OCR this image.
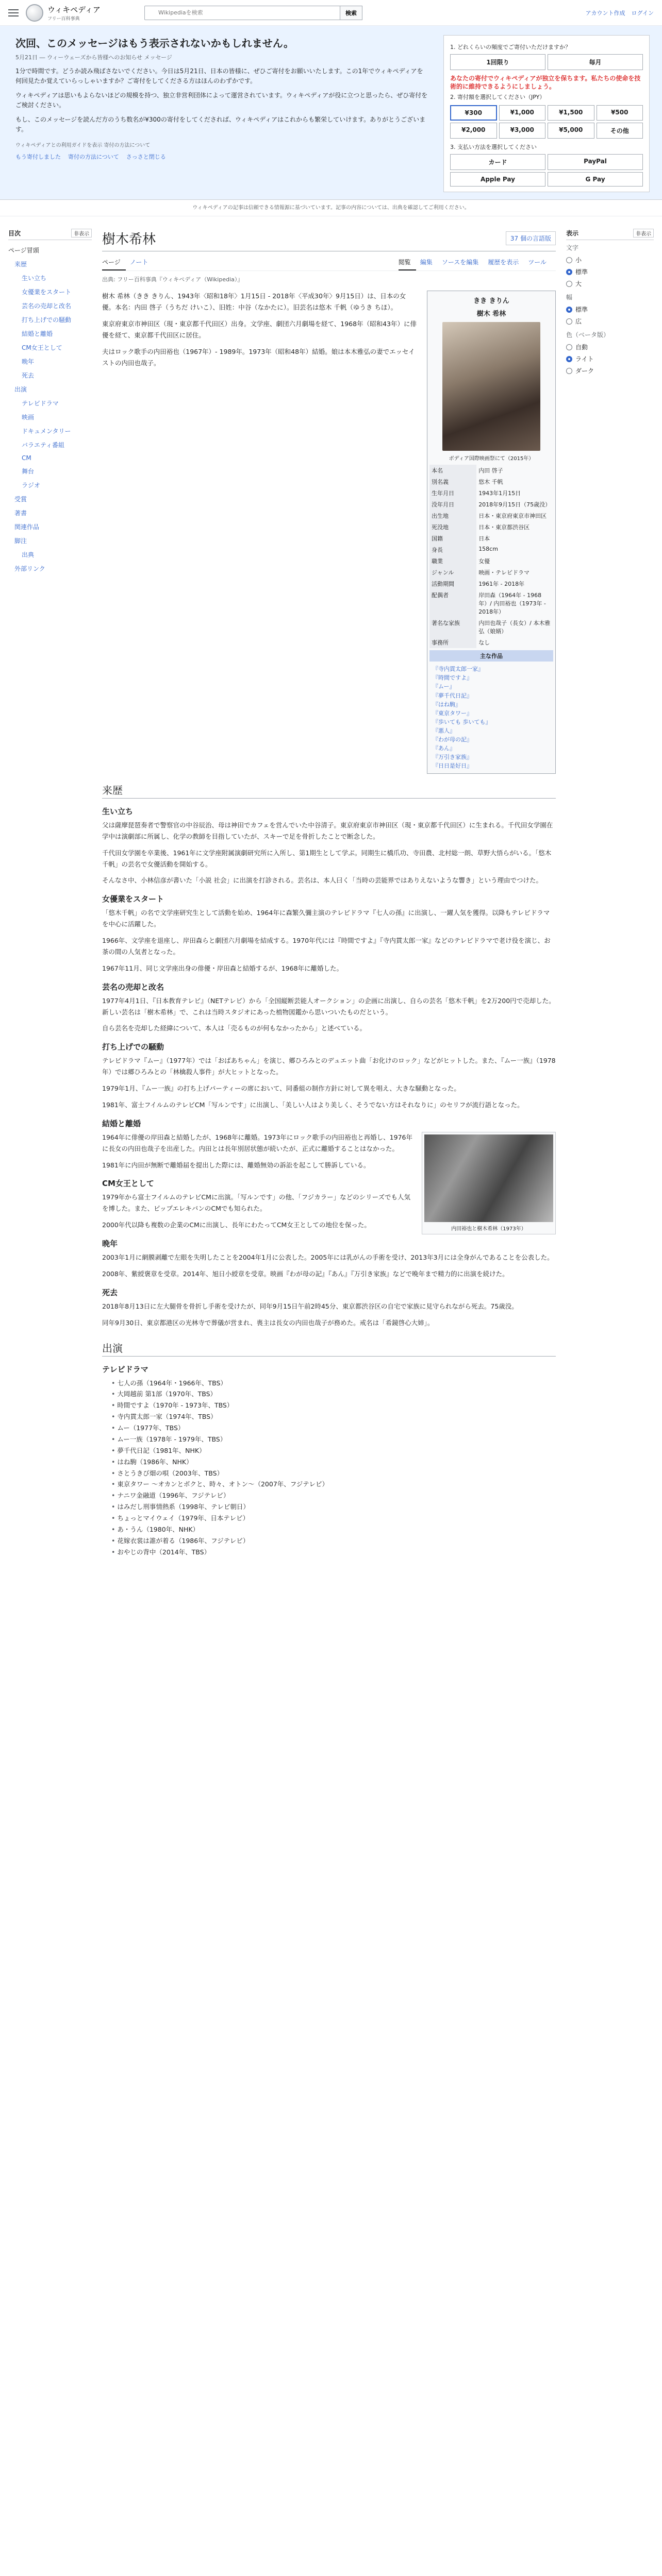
ウィキペディア
フリー百科事典
Wikipediaを検索
検索	アカウント作成 ログイン
次回、このメッセージはもう表示されないかもしれません。
5月21日 ― ウィーウェーズから皆様へのお知らせ メッセージ

1分で時間です。どうか読み飛ばさないでください。今日は5月21日、日本の皆様に、ぜひご寄付をお願いいたします。この1年でウィキペディアを何回見たか覚えていらっしゃいますか？ご寄付をしてくださる方はほんのわずかです。

ウィキペディアは思いもよらないほどの規模を持つ、独立非営利団体によって運営されています。ウィキペディアが役に立つと思ったら、ぜひ寄付をご検討ください。

もし、このメッセージを読んだ方のうち数名が¥300の寄付をしてくだされば、ウィキペディアはこれからも繁栄していけます。ありがとうございます。

ウィキペディアとの利用ガイドを表示 寄付の方法について
もう寄付しました 寄付の方法について さっさと閉じる
1. どれくらいの頻度でご寄付いただけますか？
1回限り	毎月
あなたの寄付でウィキペディアが独立を保ちます。私たちの使命を技術的に維持できるようにしましょう。
2. 寄付額を選択してください（JPY）
¥300	¥1,000	¥1,500	¥500
¥2,000	¥3,000	¥5,000	その他
3. 支払い方法を選択してください
カード	PayPal
Apple Pay	G Pay
ウィキペディアの記事は信頼できる情報源に基づいています。記事の内容については、出典を確認してご利用ください。
目次	非表示
ページ冒頭
来歴
生い立ち
女優業をスタート
芸名の売却と改名
打ち上げでの騒動
結婚と離婚
CM女王として
晩年
死去
出演
テレビドラマ
映画
ドキュメンタリー
バラエティ番組
CM
舞台
ラジオ
受賞
著書
関連作品
脚注
出典
外部リンク
樹木希林	37 個の言語版
ページ	ノート	閲覧	編集	ソースを編集	履歴を表示	ツール
出典: フリー百科事典『ウィキペディア（Wikipedia）』
きき きりん
樹木 希林
ボディア国際映画祭にて（2015年）
本名	内田 啓子
別名義	悠木 千帆
生年月日	1943年1月15日
没年月日	2018年9月15日（75歳没）
出生地	日本・東京府東京市神田区
死没地	日本・東京都渋谷区
国籍	日本
身長	158cm
職業	女優
ジャンル	映画・テレビドラマ
活動期間	1961年 - 2018年
配偶者	岸田森（1964年 - 1968年）/ 内田裕也（1973年 - 2018年）
著名な家族	内田也哉子（長女）/ 本木雅弘（娘婿）
事務所	なし
主な作品
『寺内貫太郎一家』
『時間ですよ』
『ムー』
『夢千代日記』
『はね駒』
『東京タワー』
『歩いても 歩いても』
『悪人』
『わが母の記』
『あん』
『万引き家族』
『日日是好日』

樹木 希林（きき きりん、1943年〈昭和18年〉1月15日 - 2018年〈平成30年〉9月15日）は、日本の女優。本名：内田 啓子（うちだ けいこ）、旧姓：中谷（なかたに）。旧芸名は悠木 千帆（ゆうき ちほ）。

東京府東京市神田区（現・東京都千代田区）出身。文学座、劇団六月劇場を経て、1968年（昭和43年）に俳優を経て、東京都千代田区に居住。

夫はロック歌手の内田裕也（1967年）- 1989年。1973年（昭和48年）結婚。娘は本木雅弘の妻でエッセイストの内田也哉子。

来歴
生い立ち

父は薩摩琵琶奏者で警察官の中谷辰治、母は神田でカフェを営んでいた中谷清子。東京府東京市神田区（現・東京都千代田区）に生まれる。千代田女学園在学中は演劇部に所属し、化学の教師を目指していたが、スキーで足を骨折したことで断念した。

千代田女学園を卒業後、1961年に文学座附属演劇研究所に入所し、第1期生として学ぶ。同期生に橋爪功、寺田農、北村総一朗、草野大悟らがいる。「悠木千帆」の芸名で女優活動を開始する。

そんなさ中、小林信彦が書いた「小説 社会」に出演を打診される。芸名は、本人曰く「当時の芸能界ではありえないような響き」という理由でつけた。

女優業をスタート

「悠木千帆」の名で文学座研究生として活動を始め、1964年に森繁久彌主演のテレビドラマ『七人の孫』に出演し、一躍人気を獲得。以降もテレビドラマを中心に活躍した。

1966年、文学座を退座し、岸田森らと劇団六月劇場を結成する。1970年代には『時間ですよ』『寺内貫太郎一家』などのテレビドラマで老け役を演じ、お茶の間の人気者となった。

1967年11月、同じ文学座出身の俳優・岸田森と結婚するが、1968年に離婚した。

芸名の売却と改名

1977年4月1日、『日本教育テレビ』（NETテレビ）から「全国縦断芸能人オークション」の企画に出演し、自らの芸名「悠木千帆」を2万200円で売却した。新しい芸名は「樹木希林」で、これは当時スタジオにあった植物図鑑から思いついたものだという。

自ら芸名を売却した経緯について、本人は「売るものが何もなかったから」と述べている。

打ち上げでの騒動

テレビドラマ『ムー』（1977年）では「おばあちゃん」を演じ、郷ひろみとのデュエット曲「お化けのロック」などがヒットした。また、『ムー一族』（1978年）では郷ひろみとの「林檎殺人事件」が大ヒットとなった。

1979年1月、『ムー一族』の打ち上げパーティーの席において、同番組の制作方針に対して異を唱え、大きな騒動となった。

1981年、富士フイルムのテレビCM「写ルンです」に出演し、「美しい人はより美しく、そうでない方はそれなりに」のセリフが流行語となった。

結婚と離婚
内田裕也と樹木希林（1973年）

1964年に俳優の岸田森と結婚したが、1968年に離婚。1973年にロック歌手の内田裕也と再婚し、1976年に長女の内田也哉子を出産した。内田とは長年別居状態が続いたが、正式に離婚することはなかった。

1981年に内田が無断で離婚届を提出した際には、離婚無効の訴訟を起こして勝訴している。

CM女王として

1979年から富士フイルムのテレビCMに出演。「写ルンです」の他、「フジカラー」などのシリーズでも人気を博した。また、ピップエレキバンのCMでも知られた。

2000年代以降も複数の企業のCMに出演し、長年にわたってCM女王としての地位を保った。

晩年

2003年1月に網膜剥離で左眼を失明したことを2004年1月に公表した。2005年には乳がんの手術を受け、2013年3月には全身がんであることを公表した。

2008年、紫綬褒章を受章。2014年、旭日小綬章を受章。映画『わが母の記』『あん』『万引き家族』などで晩年まで精力的に出演を続けた。

死去

2018年8月13日に左大腿骨を骨折し手術を受けたが、同年9月15日午前2時45分、東京都渋谷区の自宅で家族に見守られながら死去。75歳没。

同年9月30日、東京都港区の光林寺で葬儀が営まれ、喪主は長女の内田也哉子が務めた。戒名は「希鏡啓心大姉」。

出演
テレビドラマ
• 七人の孫（1964年・1966年、TBS）
• 大岡越前 第1部（1970年、TBS）
• 時間ですよ（1970年 - 1973年、TBS）
• 寺内貫太郎一家（1974年、TBS）
• ムー（1977年、TBS）
• ムー一族（1978年 - 1979年、TBS）
• 夢千代日記（1981年、NHK）
• はね駒（1986年、NHK）
• さとうきび畑の唄（2003年、TBS）
• 東京タワー 〜オカンとボクと、時々、オトン〜（2007年、フジテレビ）
• ナニワ金融道（1996年、フジテレビ）
• はみだし刑事情熱系（1998年、テレビ朝日）
• ちょっとマイウェイ（1979年、日本テレビ）
• あ・うん（1980年、NHK）
• 花嫁衣裳は誰が着る（1986年、フジテレビ）
• おやじの背中（2014年、TBS）
表示	非表示
文字
小
標準
大
幅
標準
広
色（ベータ版）
自動
ライト
ダーク
